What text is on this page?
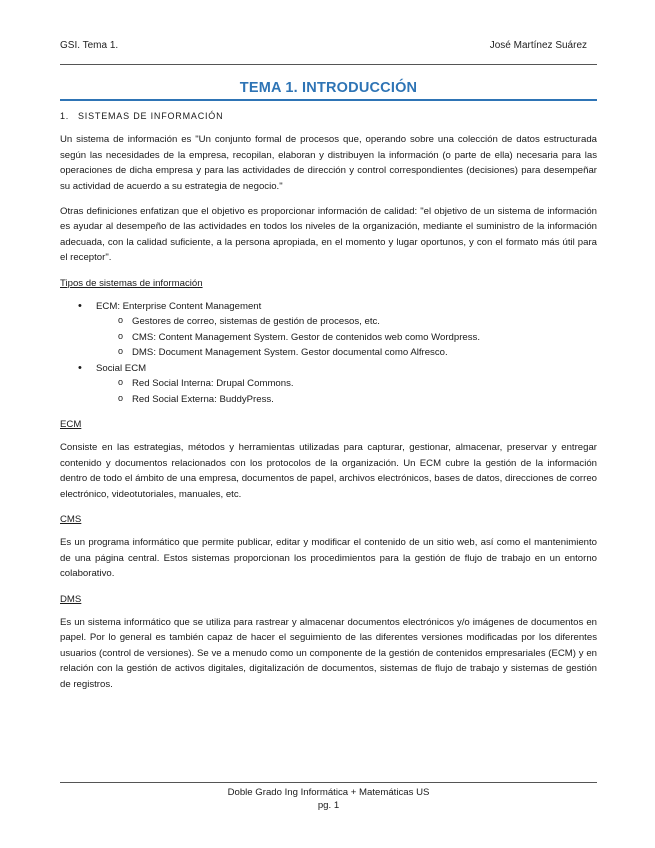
GSI. Tema 1.	José Martínez Suárez
TEMA 1. INTRODUCCIÓN
1. SISTEMAS DE INFORMACIÓN

Un sistema de información es "Un conjunto formal de procesos que, operando sobre una colección de datos estructurada según las necesidades de la empresa, recopilan, elaboran y distribuyen la información (o parte de ella) necesaria para las operaciones de dicha empresa y para las actividades de dirección y control correspondientes (decisiones) para desempeñar su actividad de acuerdo a su estrategia de negocio."

Otras definiciones enfatizan que el objetivo es proporcionar información de calidad: "el objetivo de un sistema de información es ayudar al desempeño de las actividades en todos los niveles de la organización, mediante el suministro de la información adecuada, con la calidad suficiente, a la persona apropiada, en el momento y lugar oportunos, y con el formato más útil para el receptor".

Tipos de sistemas de información
• ECM: Enterprise Content Management
o Gestores de correo, sistemas de gestión de procesos, etc.
o CMS: Content Management System. Gestor de contenidos web como Wordpress.
o DMS: Document Management System. Gestor documental como Alfresco.
• Social ECM
o Red Social Interna: Drupal Commons.
o Red Social Externa: BuddyPress.
ECM

Consiste en las estrategias, métodos y herramientas utilizadas para capturar, gestionar, almacenar, preservar y entregar contenido y documentos relacionados con los protocolos de la organización. Un ECM cubre la gestión de la información dentro de todo el ámbito de una empresa, documentos de papel, archivos electrónicos, bases de datos, direcciones de correo electrónico, videotutoriales, manuales, etc.

CMS

Es un programa informático que permite publicar, editar y modificar el contenido de un sitio web, así como el mantenimiento de una página central. Estos sistemas proporcionan los procedimientos para la gestión de flujo de trabajo en un entorno colaborativo.

DMS

Es un sistema informático que se utiliza para rastrear y almacenar documentos electrónicos y/o imágenes de documentos en papel. Por lo general es también capaz de hacer el seguimiento de las diferentes versiones modificadas por los diferentes usuarios (control de versiones). Se ve a menudo como un componente de la gestión de contenidos empresariales (ECM) y en relación con la gestión de activos digitales, digitalización de documentos, sistemas de flujo de trabajo y sistemas de gestión de registros.

Doble Grado Ing Informática + Matemáticas US
pg. 1
